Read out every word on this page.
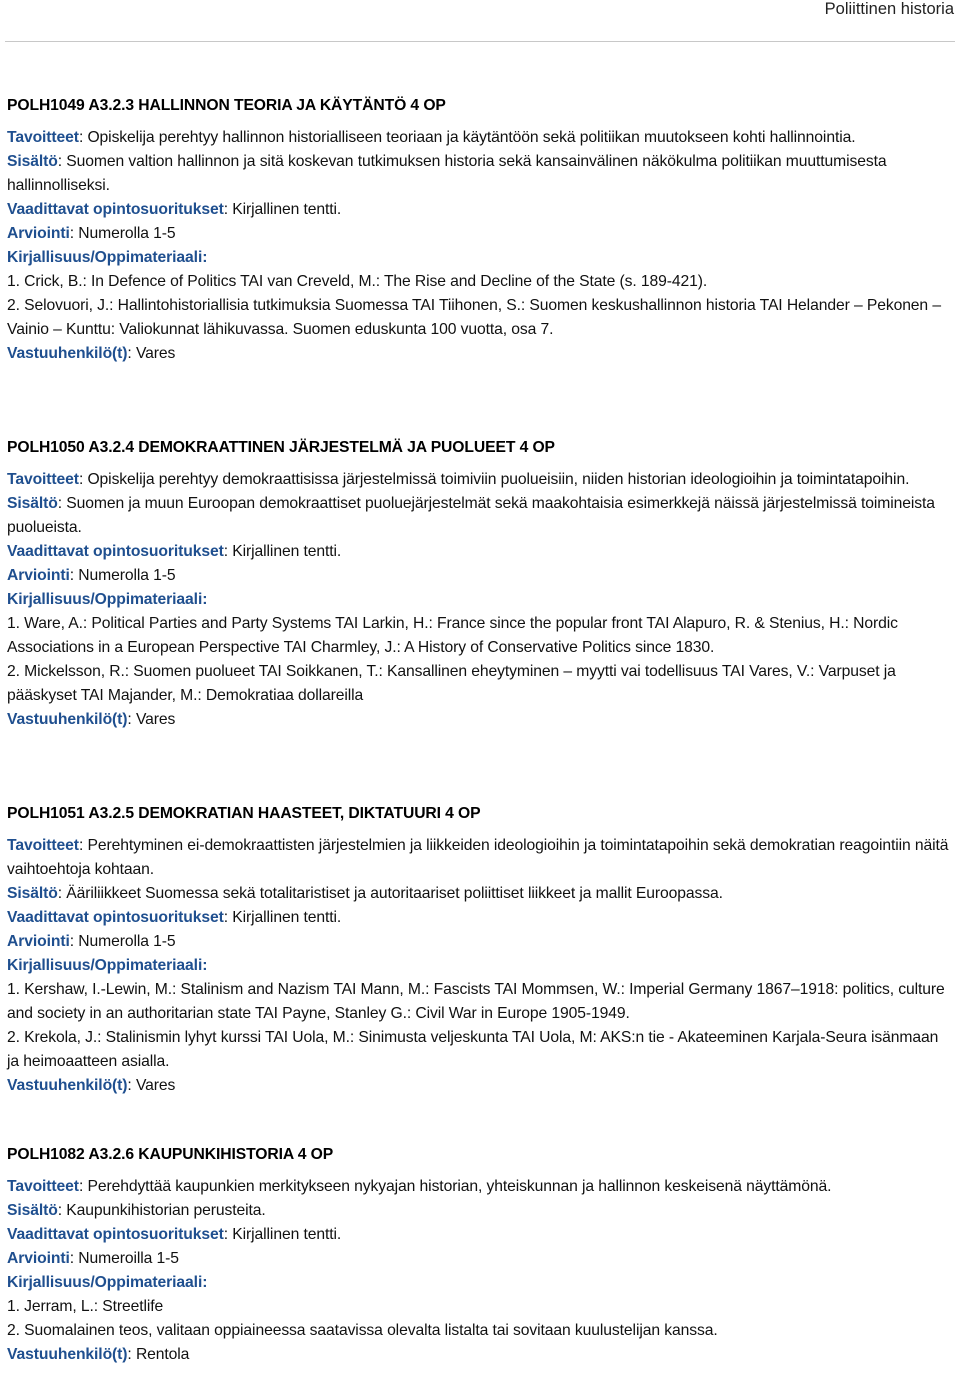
Poliittinen historia
POLH1049 A3.2.3 HALLINNON TEORIA JA KÄYTÄNTÖ 4 OP

Tavoitteet: Opiskelija perehtyy hallinnon historialliseen teoriaan ja käytäntöön sekä politiikan muutokseen kohti hallinnointia.

Sisältö: Suomen valtion hallinnon ja sitä koskevan tutkimuksen historia sekä kansainvälinen näkökulma politiikan muuttumisesta hallinnolliseksi.

Vaadittavat opintosuoritukset: Kirjallinen tentti.

Arviointi: Numerolla 1-5

Kirjallisuus/Oppimateriaali:

1. Crick, B.: In Defence of Politics TAI van Creveld, M.: The Rise and Decline of the State (s. 189-421).

2. Selovuori, J.: Hallintohistoriallisia tutkimuksia Suomessa TAI Tiihonen, S.: Suomen keskushallinnon historia TAI Helander – Pekonen – Vainio – Kunttu: Valiokunnat lähikuvassa. Suomen eduskunta 100 vuotta, osa 7.

Vastuuhenkilö(t): Vares

POLH1050 A3.2.4 DEMOKRAATTINEN JÄRJESTELMÄ JA PUOLUEET 4 OP

Tavoitteet: Opiskelija perehtyy demokraattisissa järjestelmissä toimiviin puolueisiin, niiden historian ideologioihin ja toimintatapoihin.

Sisältö: Suomen ja muun Euroopan demokraattiset puoluejärjestelmät sekä maakohtaisia esimerkkejä näissä järjestelmissä toimineista puolueista.

Vaadittavat opintosuoritukset: Kirjallinen tentti.

Arviointi: Numerolla 1-5

Kirjallisuus/Oppimateriaali:

1. Ware, A.: Political Parties and Party Systems TAI Larkin, H.: France since the popular front TAI Alapuro, R. & Stenius, H.: Nordic Associations in a European Perspective TAI Charmley, J.: A History of Conservative Politics since 1830.

2. Mickelsson, R.: Suomen puolueet TAI Soikkanen, T.: Kansallinen eheytyminen – myytti vai todellisuus TAI Vares, V.: Varpuset ja pääskyset TAI Majander, M.: Demokratiaa dollareilla

Vastuuhenkilö(t): Vares

POLH1051 A3.2.5 DEMOKRATIAN HAASTEET, DIKTATUURI 4 OP

Tavoitteet: Perehtyminen ei-demokraattisten järjestelmien ja liikkeiden ideologioihin ja toimintatapoihin sekä demokratian reagointiin näitä vaihtoehtoja kohtaan.

Sisältö: Ääriliikkeet Suomessa sekä totalitaristiset ja autoritaariset poliittiset liikkeet ja mallit Euroopassa.

Vaadittavat opintosuoritukset: Kirjallinen tentti.

Arviointi: Numerolla 1-5

Kirjallisuus/Oppimateriaali:

1. Kershaw, I.-Lewin, M.: Stalinism and Nazism TAI Mann, M.: Fascists TAI Mommsen, W.: Imperial Germany 1867–1918: politics, culture and society in an authoritarian state TAI Payne, Stanley G.: Civil War in Europe 1905-1949.

2. Krekola, J.: Stalinismin lyhyt kurssi TAI Uola, M.: Sinimusta veljeskunta TAI Uola, M: AKS:n tie - Akateeminen Karjala-Seura isänmaan ja heimoaatteen asialla.

Vastuuhenkilö(t): Vares

POLH1082 A3.2.6 KAUPUNKIHISTORIA 4 OP

Tavoitteet: Perehdyttää kaupunkien merkitykseen nykyajan historian, yhteiskunnan ja hallinnon keskeisenä näyttämönä.

Sisältö: Kaupunkihistorian perusteita.

Vaadittavat opintosuoritukset: Kirjallinen tentti.

Arviointi: Numeroilla 1-5

Kirjallisuus/Oppimateriaali:

1. Jerram, L.: Streetlife

2. Suomalainen teos, valitaan oppiaineessa saatavissa olevalta listalta tai sovitaan kuulustelijan kanssa.

Vastuuhenkilö(t): Rentola
